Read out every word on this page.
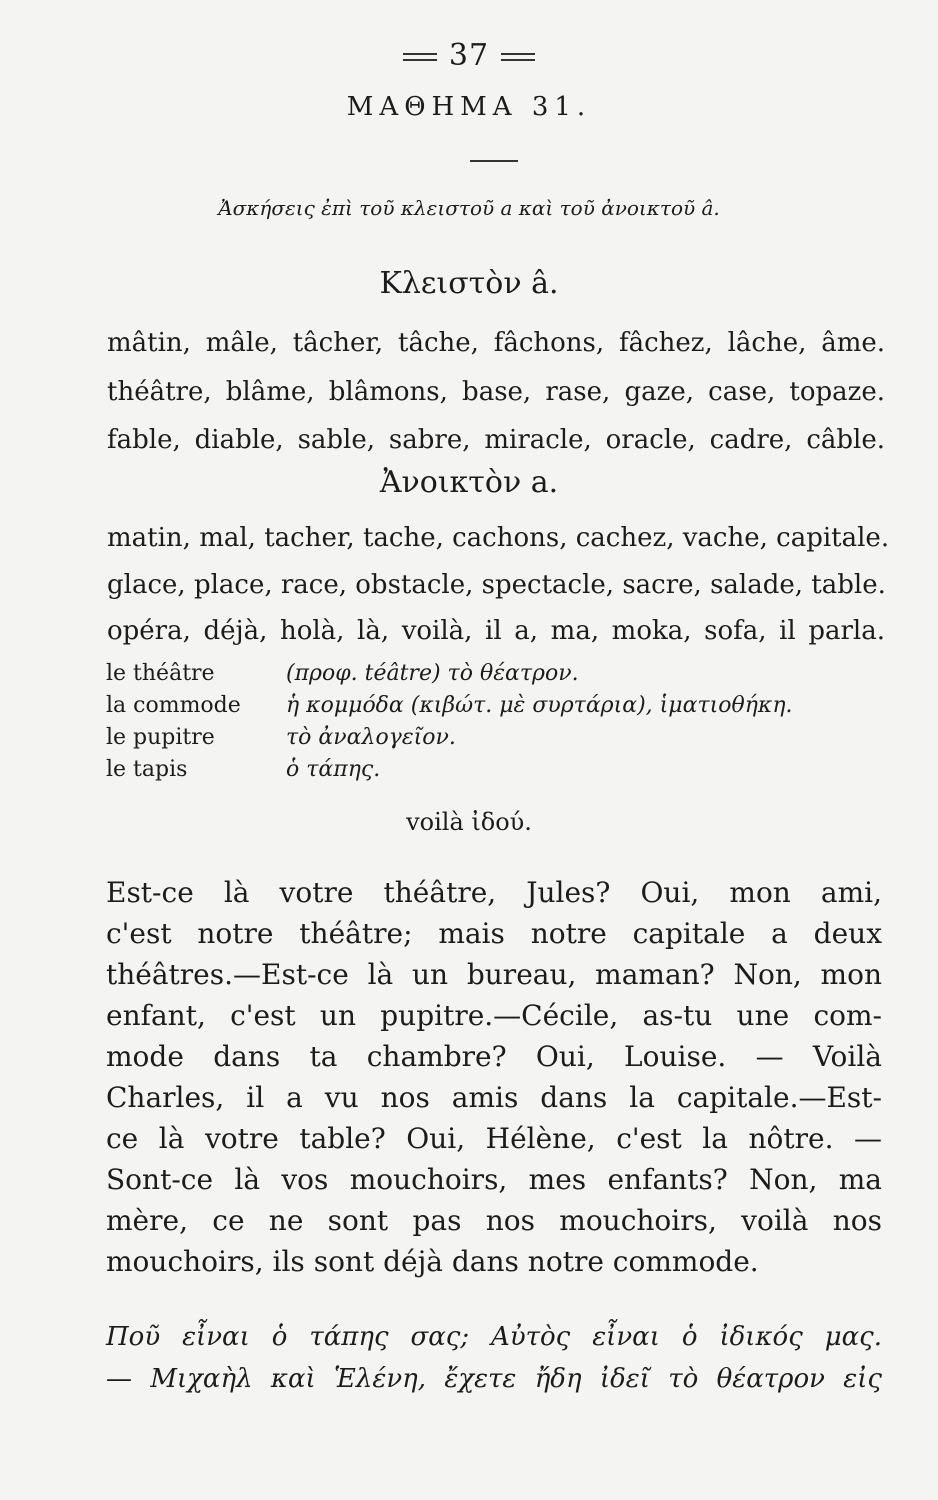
37
ΜΑΘΗΜΑ 31.
Ἀσκήσεις ἐπὶ τοῦ κλειστοῦ a καὶ τοῦ ἀνοικτοῦ â.
Κλειστὸν â.
mâtin, mâle, tâcher, tâche, fâchons, fâchez, lâche, âme.
théâtre, blâme, blâmons, base, rase, gaze, case, topaze.
fable, diable, sable, sabre, miracle, oracle, cadre, câble.
Ἀνοικτὸν a.
matin, mal, tacher, tache, cachons, cachez, vache, capitale.
glace, place, race, obstacle, spectacle, sacre, salade, table.
opéra, déjà, holà, là, voilà, il a, ma, moka, sofa, il parla.
le théâtre	(προφ. téâtre) τὸ θέατρον.
la commode	ἡ κομμόδα (κιβώτ. μὲ συρτάρια), ἱματιοθήκη.
le pupitre	τὸ ἀναλογεῖον.
le tapis	ὁ τάπης.
voilà ἰδού.
Est-ce là votre théâtre, Jules? Oui, mon ami,
c'est notre théâtre; mais notre capitale a deux
théâtres.—Est-ce là un bureau, maman? Non, mon
enfant, c'est un pupitre.—Cécile, as-tu une com-
mode dans ta chambre? Oui, Louise. — Voilà
Charles, il a vu nos amis dans la capitale.—Est-
ce là votre table? Oui, Hélène, c'est la nôtre. —
Sont-ce là vos mouchoirs, mes enfants? Non, ma
mère, ce ne sont pas nos mouchoirs, voilà nos
mouchoirs, ils sont déjà dans notre commode.
Ποῦ εἶναι ὁ τάπης σας; Αὐτὸς εἶναι ὁ ἰδικός μας.
— Μιχαὴλ καὶ Ἑλένη, ἔχετε ἤδη ἰδεῖ τὸ θέατρον εἰς
